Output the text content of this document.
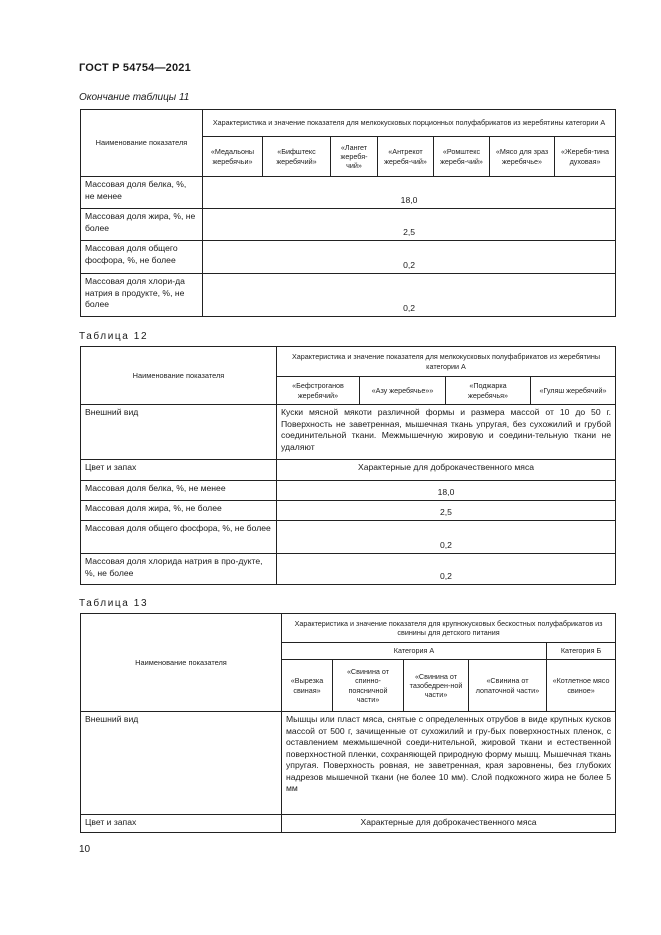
ГОСТ Р 54754—2021
Окончание таблицы 11
Наименование показателя	Характеристика и значение показателя для мелкокусковых порционных полуфабрикатов из жеребятины категории А						
	«Медальоны жеребячьи»	«Бифштекс жеребячий»	«Лангет жеребя-чий»	«Антрекот жеребя-чий»	«Ромштекс жеребя-чий»	«Мясо для зраз жеребячье»	«Жеребя-тина духовая»
Массовая доля белка, %, не менее	18,0						
Массовая доля жира, %, не более	2,5						
Массовая доля общего фосфора, %, не более	0,2						
Массовая доля хлори-да натрия в продукте, %, не более	0,2						
Таблица 12
Наименование показателя	Характеристика и значение показателя для мелкокусковых полуфабрикатов из жеребятины категории А			
	«Бефстроганов жеребячий»	«Азу жеребячье»»	«Поджарка жеребячья»	«Гуляш жеребячий»
Внешний вид	Куски мясной мякоти различной формы и размера массой от 10 до 50 г. Поверхность не заветренная, мышечная ткань упругая, без сухожилий и грубой соединительной ткани. Межмышечную жировую и соедини-тельную ткани не удаляют			
Цвет и запах	Характерные для доброкачественного мяса			
Массовая доля белка, %, не менее	18,0			
Массовая доля жира, %, не более	2,5			
Массовая доля общего фосфора, %, не более	0,2			
Массовая доля хлорида натрия в про-дукте, %, не более	0,2			
Таблица 13
Наименование показателя	Характеристика и значение показателя для крупнокусковых бескостных полуфабрикатов из свинины для детского питания				
	Категория А				Категория Б
	«Вырезка свиная»	«Свинина от спинно-поясничной части»	«Свинина от тазобедрен-ной части»	«Свинина от лопаточной части»	«Котлетное мясо свиное»
Внешний вид	Мышцы или пласт мяса, снятые с определенных отрубов в виде крупных кусков массой от 500 г, зачищенные от сухожилий и гру-бых поверхностных пленок, с оставлением межмышечной соеди-нительной, жировой ткани и естественной поверхностной пленки, сохраняющей природную форму мышц. Мышечная ткань упругая. Поверхность ровная, не заветренная, края заровнены, без глубоких надрезов мышечной ткани (не более 10 мм). Слой подкожного жира не более 5 мм				
Цвет и запах	Характерные для доброкачественного мяса				
10
